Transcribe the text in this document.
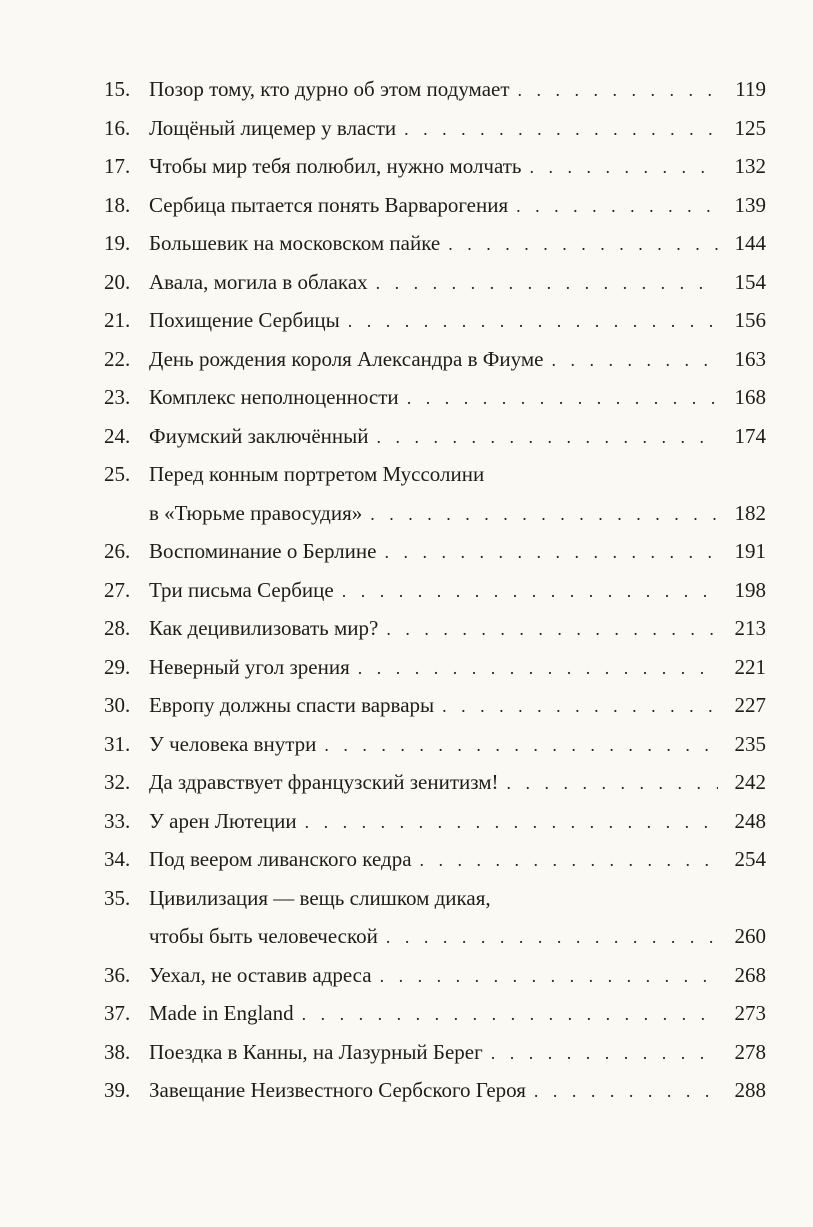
15. Позор тому, кто дурно об этом подумает . . .	119
16. Лощёный лицемер у власти . . .	125
17. Чтобы мир тебя полюбил, нужно молчать . . .	132
18. Сербица пытается понять Варварогения . . .	139
19. Большевик на московском пайке . . .	144
20. Авала, могила в облаках . . .	154
21. Похищение Сербицы . . .	156
22. День рождения короля Александра в Фиуме . . .	163
23. Комплекс неполноценности . . .	168
24. Фиумский заключённый . . .	174
25. Перед конным портретом Муссолини
в «Тюрьме правосудия» . . .	182
26. Воспоминание о Берлине . . .	191
27. Три письма Сербице . . .	198
28. Как децивилизовать мир? . . .	213
29. Неверный угол зрения . . .	221
30. Европу должны спасти варвары . . .	227
31. У человека внутри . . .	235
32. Да здравствует французский зенитизм! . . .	242
33. У арен Лютеции . . .	248
34. Под веером ливанского кедра . . .	254
35. Цивилизация — вещь слишком дикая,
чтобы быть человеческой . . .	260
36. Уехал, не оставив адреса . . .	268
37. Made in England . . .	273
38. Поездка в Канны, на Лазурный Берег . . .	278
39. Завещание Неизвестного Сербского Героя . . .	288
